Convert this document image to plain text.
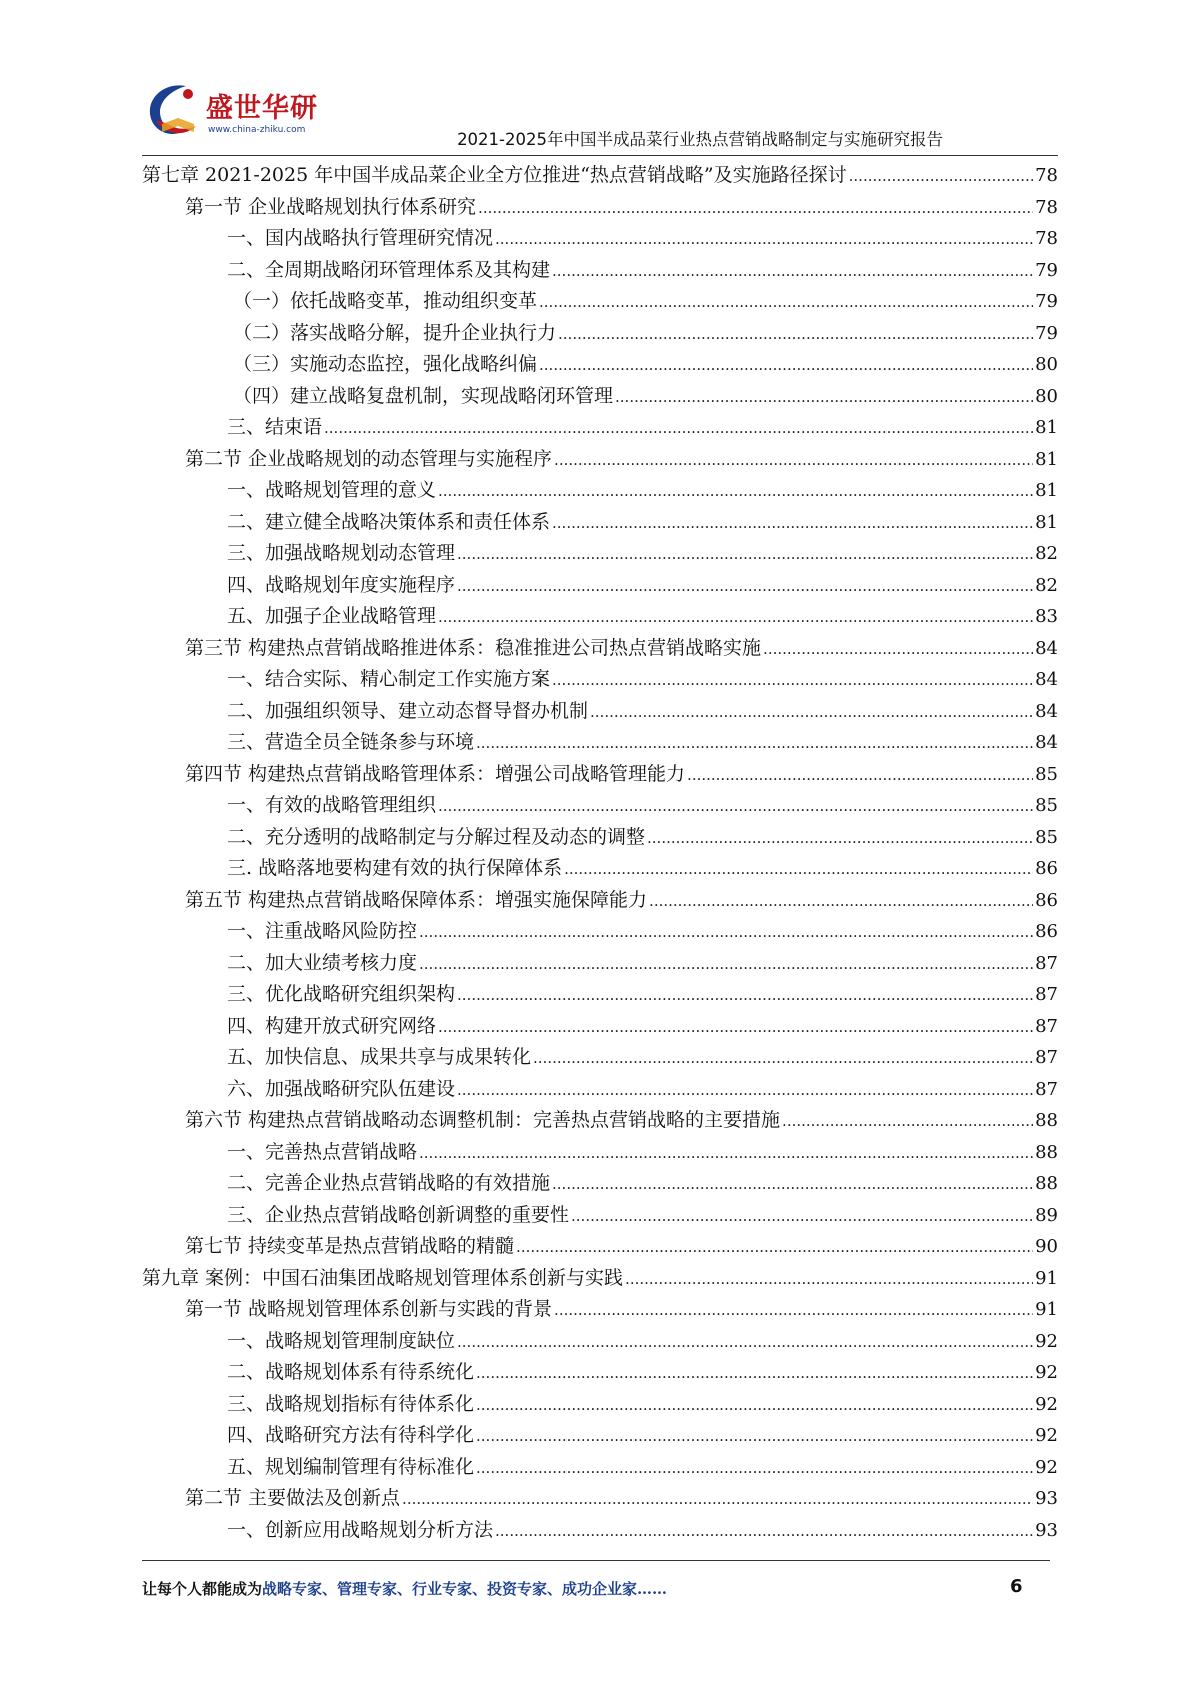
盛世华研
www.china-zhiku.com	2021-2025年中国半成品菜行业热点营销战略制定与实施研究报告
第七章 2021-2025 年中国半成品菜企业全方位推进“热点营销战略”及实施路径探讨 .....	78
第一节 企业战略规划执行体系研究 .....	78
一、国内战略执行管理研究情况 .....	78
二、全周期战略闭环管理体系及其构建 .....	79
（一）依托战略变革，推动组织变革 .....	79
（二）落实战略分解，提升企业执行力 .....	79
（三）实施动态监控，强化战略纠偏 .....	80
（四）建立战略复盘机制，实现战略闭环管理 .....	80
三、结束语 .....	81
第二节 企业战略规划的动态管理与实施程序 .....	81
一、战略规划管理的意义 .....	81
二、建立健全战略决策体系和责任体系 .....	81
三、加强战略规划动态管理 .....	82
四、战略规划年度实施程序 .....	82
五、加强子企业战略管理 .....	83
第三节 构建热点营销战略推进体系：稳准推进公司热点营销战略实施 .....	84
一、结合实际、精心制定工作实施方案 .....	84
二、加强组织领导、建立动态督导督办机制 .....	84
三、营造全员全链条参与环境 .....	84
第四节 构建热点营销战略管理体系：增强公司战略管理能力 .....	85
一、有效的战略管理组织 .....	85
二、充分透明的战略制定与分解过程及动态的调整 .....	85
三. 战略落地要构建有效的执行保障体系 .....	86
第五节 构建热点营销战略保障体系：增强实施保障能力 .....	86
一、注重战略风险防控 .....	86
二、加大业绩考核力度 .....	87
三、优化战略研究组织架构 .....	87
四、构建开放式研究网络 .....	87
五、加快信息、成果共享与成果转化 .....	87
六、加强战略研究队伍建设 .....	87
第六节 构建热点营销战略动态调整机制：完善热点营销战略的主要措施 .....	88
一、完善热点营销战略 .....	88
二、完善企业热点营销战略的有效措施 .....	88
三、企业热点营销战略创新调整的重要性 .....	89
第七节 持续变革是热点营销战略的精髓 .....	90
第九章 案例：中国石油集团战略规划管理体系创新与实践 .....	91
第一节 战略规划管理体系创新与实践的背景 .....	91
一、战略规划管理制度缺位 .....	92
二、战略规划体系有待系统化 .....	92
三、战略规划指标有待体系化 .....	92
四、战略研究方法有待科学化 .....	92
五、规划编制管理有待标准化 .....	92
第二节 主要做法及创新点 .....	93
一、创新应用战略规划分析方法 .....	93
让每个人都能成为战略专家、管理专家、行业专家、投资专家、成功企业家……	6
